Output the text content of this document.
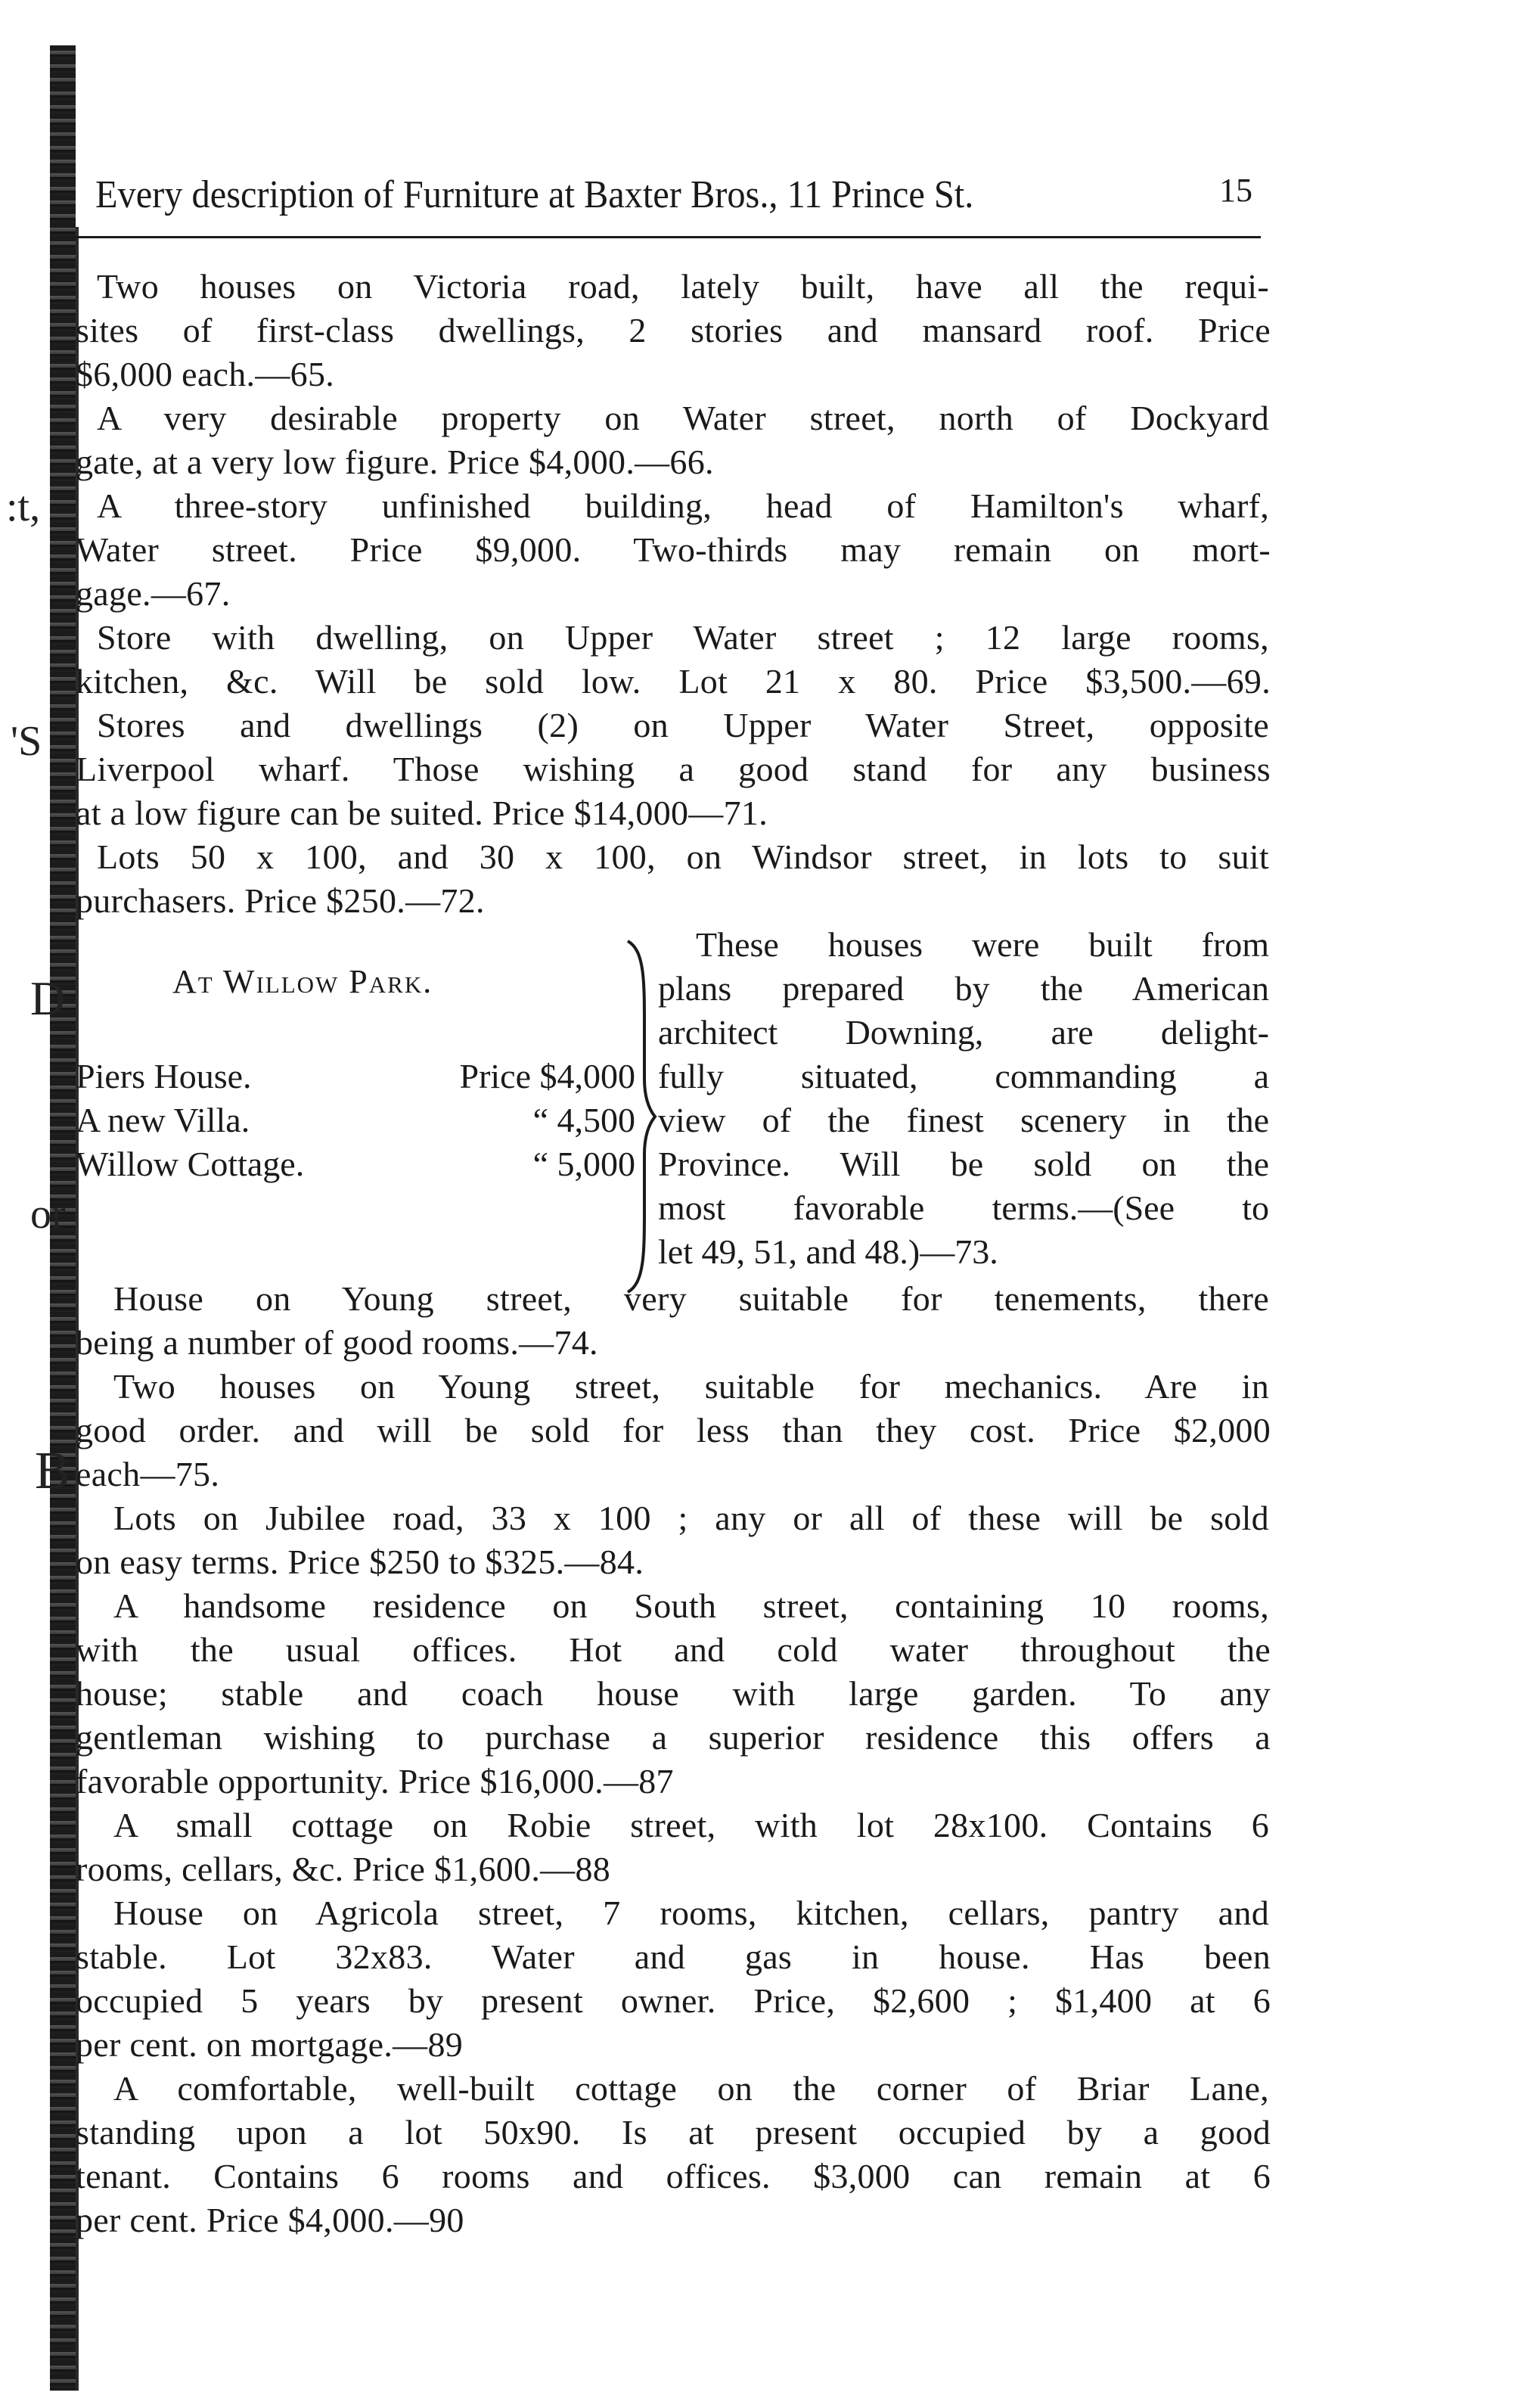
:t,
'S
D
or
B
Every description of Furniture at Baxter Bros., 11 Prince St.	15
Two houses on Victoria road, lately built, have all the requi-
sites of first-class dwellings, 2 stories and mansard roof. Price
$6,000 each.—65.
A very desirable property on Water street, north of Dockyard
gate, at a very low figure. Price $4,000.—66.
A three-story unfinished building, head of Hamilton's wharf,
Water street. Price $9,000. Two-thirds may remain on mort-
gage.—67.
Store with dwelling, on Upper Water street ; 12 large rooms,
kitchen, &c. Will be sold low. Lot 21 x 80. Price $3,500.—69.
Stores and dwellings (2) on Upper Water Street, opposite
Liverpool wharf. Those wishing a good stand for any business
at a low figure can be suited. Price $14,000—71.
Lots 50 x 100, and 30 x 100, on Windsor street, in lots to suit
purchasers. Price $250.—72.
At Willow Park.
Piers House.	Price $4,000
A new Villa.	“ 4,500
Willow Cottage.	“ 5,000
These houses were built from
plans prepared by the American
architect Downing, are delight-
fully situated, commanding a
view of the finest scenery in the
Province. Will be sold on the
most favorable terms.—(See to
let 49, 51, and 48.)—73.
House on Young street, very suitable for tenements, there
being a number of good rooms.—74.
Two houses on Young street, suitable for mechanics. Are in
good order. and will be sold for less than they cost. Price $2,000
each—75.
Lots on Jubilee road, 33 x 100 ; any or all of these will be sold
on easy terms. Price $250 to $325.—84.
A handsome residence on South street, containing 10 rooms,
with the usual offices. Hot and cold water throughout the
house; stable and coach house with large garden. To any
gentleman wishing to purchase a superior residence this offers a
favorable opportunity. Price $16,000.—87
A small cottage on Robie street, with lot 28x100. Contains 6
rooms, cellars, &c. Price $1,600.—88
House on Agricola street, 7 rooms, kitchen, cellars, pantry and
stable. Lot 32x83. Water and gas in house. Has been
occupied 5 years by present owner. Price, $2,600 ; $1,400 at 6
per cent. on mortgage.—89
A comfortable, well-built cottage on the corner of Briar Lane,
standing upon a lot 50x90. Is at present occupied by a good
tenant. Contains 6 rooms and offices. $3,000 can remain at 6
per cent. Price $4,000.—90
